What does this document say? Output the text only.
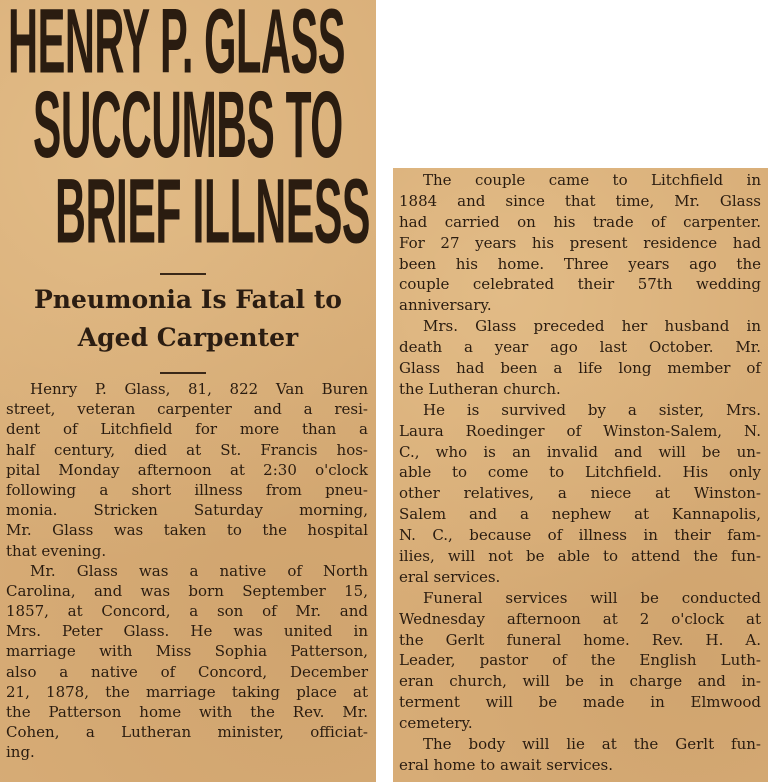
HENRY P. GLASS
SUCCUMBS TO
BRIEF ILLNESS
Pneumonia Is Fatal to
Aged Carpenter
Henry P. Glass, 81, 822 Van Buren
street, veteran carpenter and a resi-
dent of Litchfield for more than a
half century, died at St. Francis hos-
pital Monday afternoon at 2:30 o'clock
following a short illness from pneu-
monia. Stricken Saturday morning,
Mr. Glass was taken to the hospital
that evening.
Mr. Glass was a native of North
Carolina, and was born September 15,
1857, at Concord, a son of Mr. and
Mrs. Peter Glass. He was united in
marriage with Miss Sophia Patterson,
also a native of Concord, December
21, 1878, the marriage taking place at
the Patterson home with the Rev. Mr.
Cohen, a Lutheran minister, officiat-
ing.
The couple came to Litchfield in
1884 and since that time, Mr. Glass
had carried on his trade of carpenter.
For 27 years his present residence had
been his home. Three years ago the
couple celebrated their 57th wedding
anniversary.
Mrs. Glass preceded her husband in
death a year ago last October. Mr.
Glass had been a life long member of
the Lutheran church.
He is survived by a sister, Mrs.
Laura Roedinger of Winston-Salem, N.
C., who is an invalid and will be un-
able to come to Litchfield. His only
other relatives, a niece at Winston-
Salem and a nephew at Kannapolis,
N. C., because of illness in their fam-
ilies, will not be able to attend the fun-
eral services.
Funeral services will be conducted
Wednesday afternoon at 2 o'clock at
the Gerlt funeral home. Rev. H. A.
Leader, pastor of the English Luth-
eran church, will be in charge and in-
terment will be made in Elmwood
cemetery.
The body will lie at the Gerlt fun-
eral home to await services.
